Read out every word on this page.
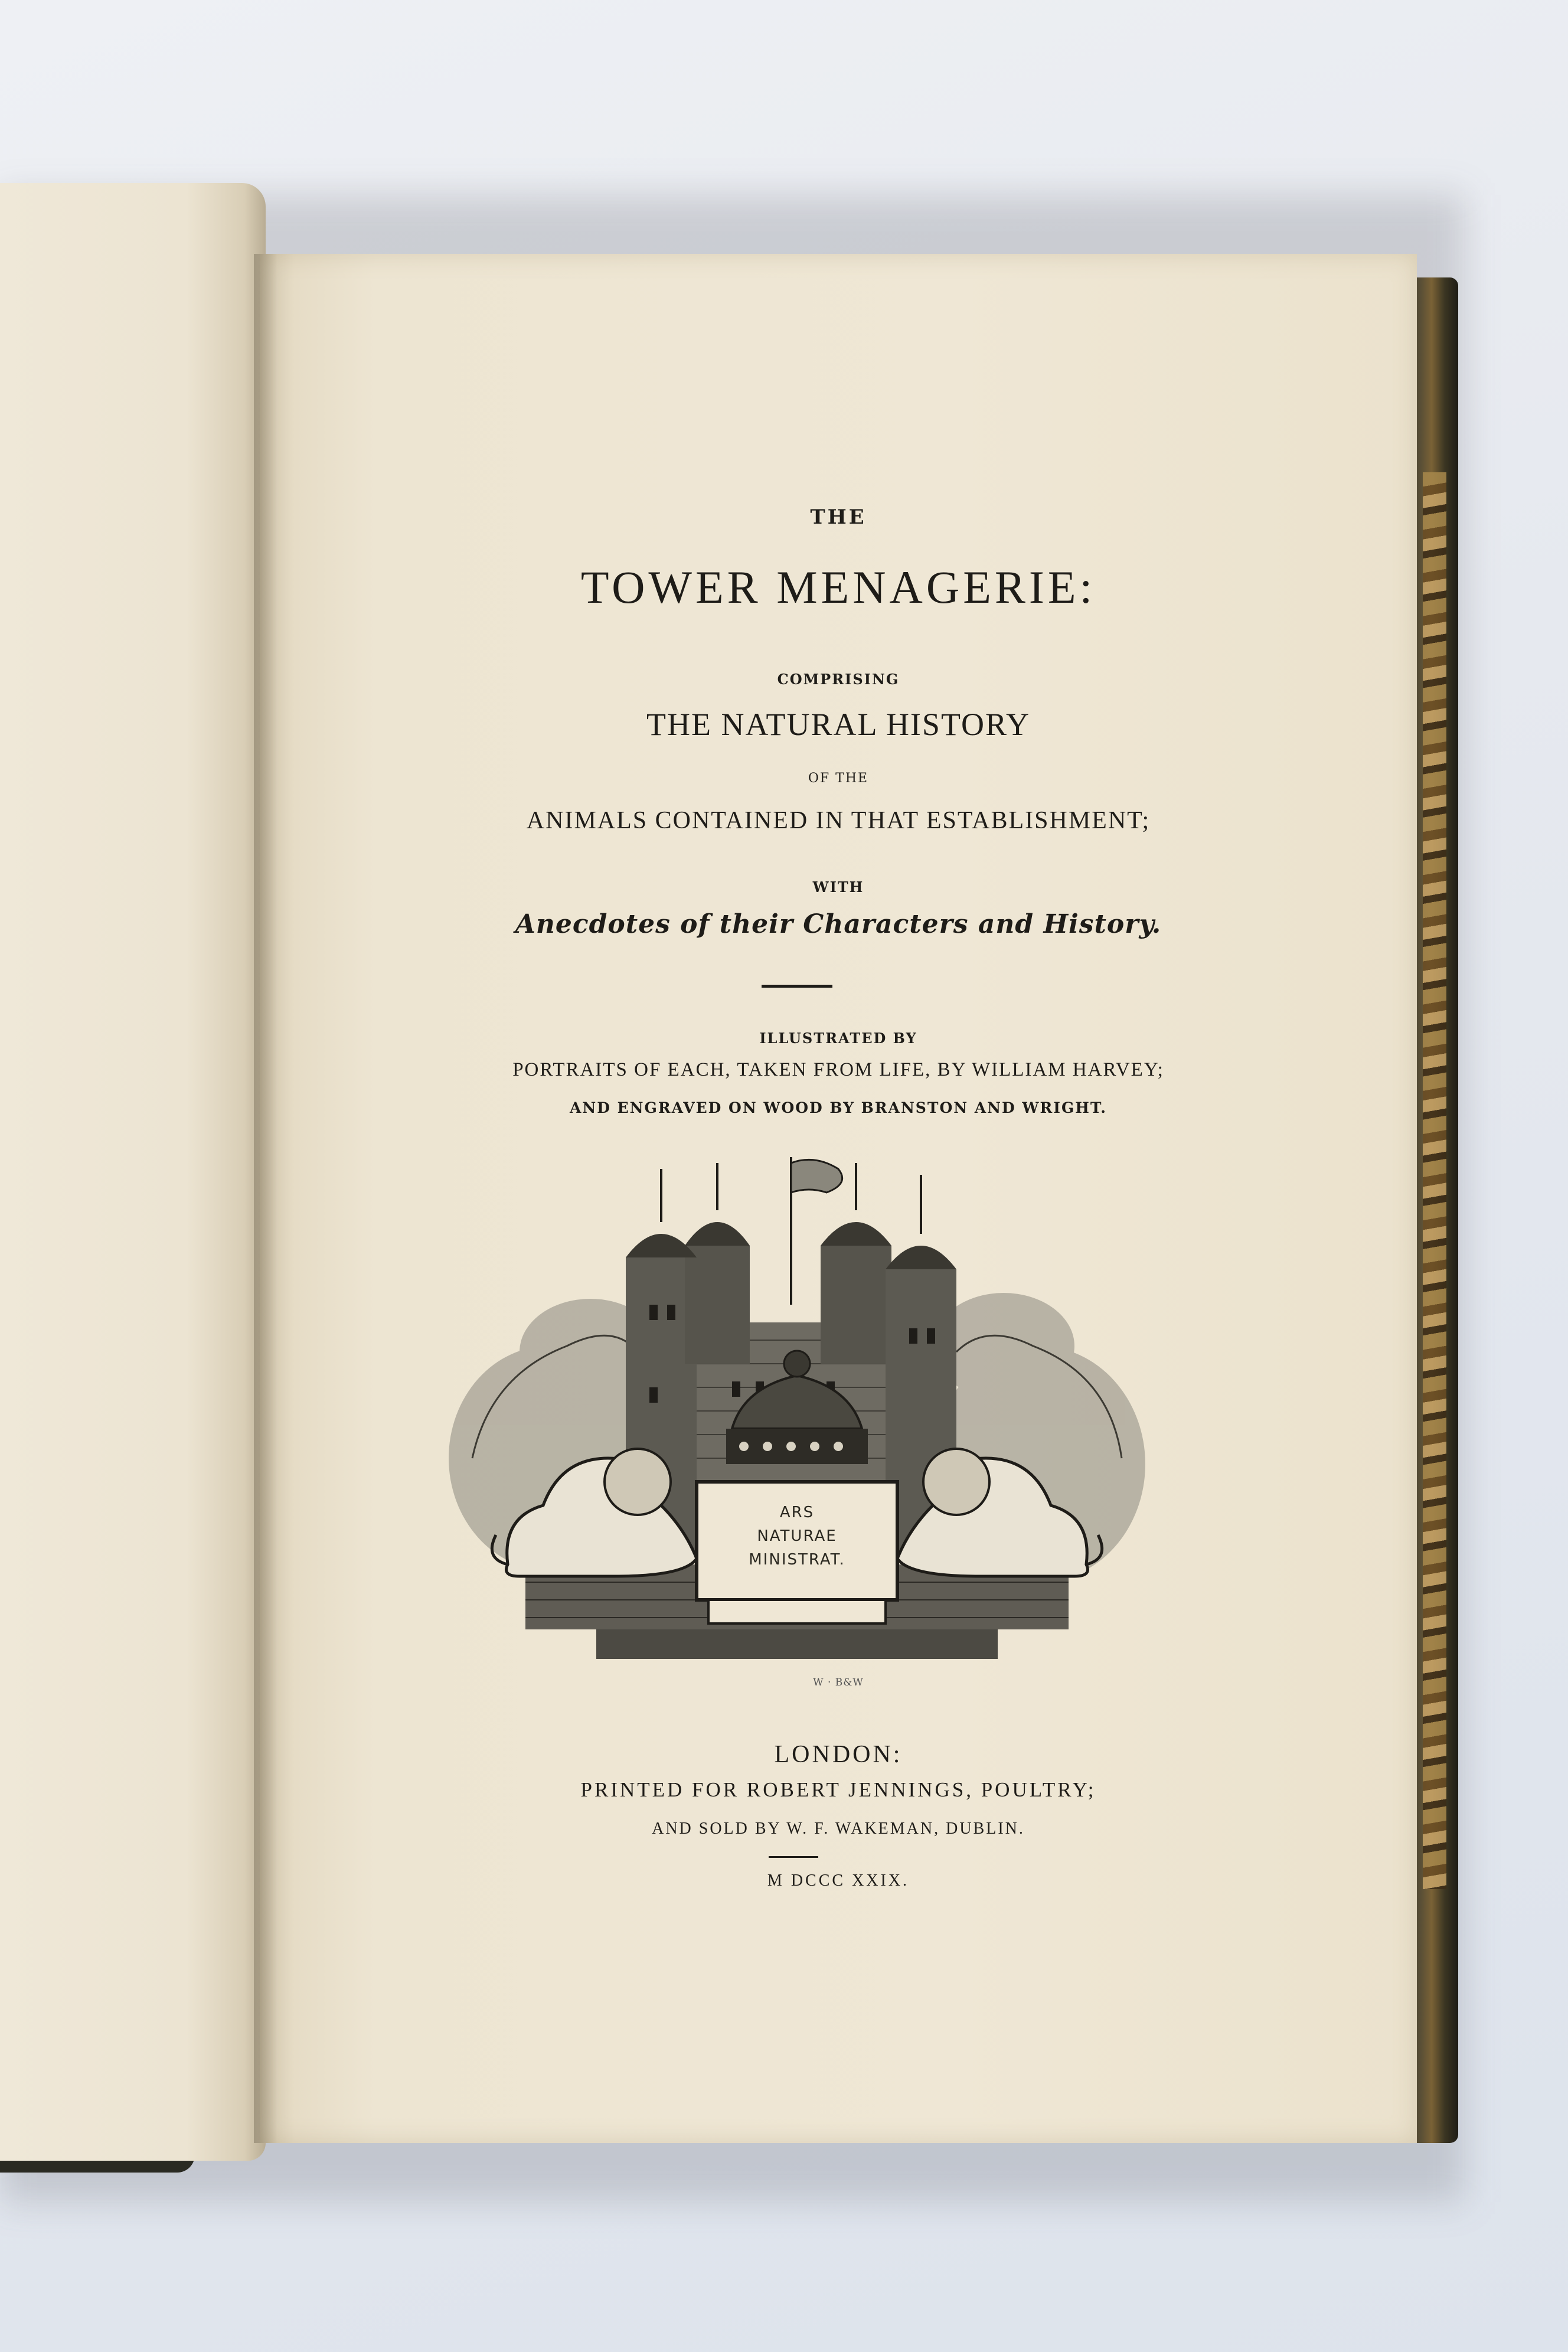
THE
TOWER MENAGERIE:
COMPRISING
THE NATURAL HISTORY
OF THE
ANIMALS CONTAINED IN THAT ESTABLISHMENT;
WITH
Anecdotes of their Characters and History.
ILLUSTRATED BY
PORTRAITS OF EACH, TAKEN FROM LIFE, BY WILLIAM HARVEY;
AND ENGRAVED ON WOOD BY BRANSTON AND WRIGHT.
ARS
NATURAE
MINISTRAT.
W · B&W
LONDON:
PRINTED FOR ROBERT JENNINGS, POULTRY;
AND SOLD BY W. F. WAKEMAN, DUBLIN.
M DCCC XXIX.
